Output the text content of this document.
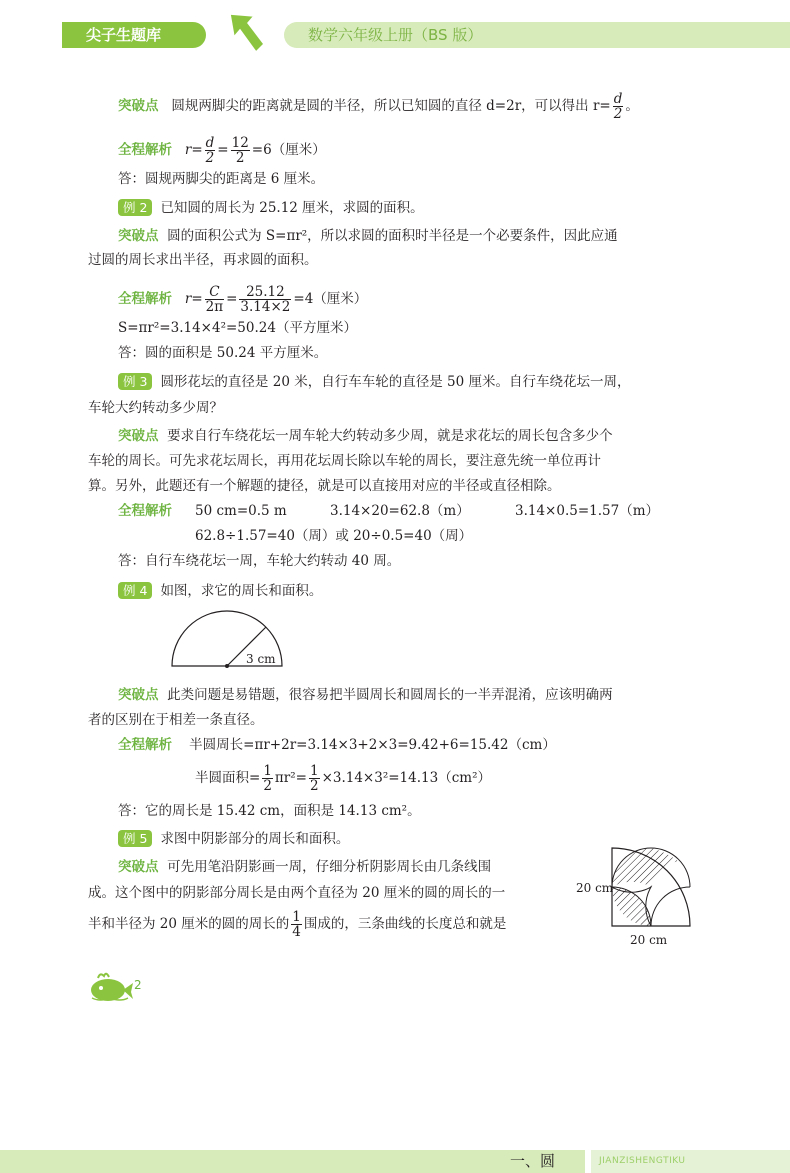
尖子生题库	数学六年级上册（BS 版）
突破点 圆规两脚尖的距离就是圆的半径，所以已知圆的直径 d=2r，可以得出 $r= \frac{d}{2}$ 。
全程解析 $r= \frac{d}{2} = \frac{12}{2} =6$（厘米）
答：圆规两脚尖的距离是 6 厘米。
例 2 已知圆的周长为 25.12 厘米，求圆的面积。
突破点 圆的面积公式为 S=πr²，所以求圆的面积时半径是一个必要条件，因此应通
过圆的周长求出半径，再求圆的面积。
全程解析 $r= \frac{C}{2\pi} = \frac{25.12}{3.14\times 2} =4$（厘米）
S=πr²=3.14×4²=50.24（平方厘米）
答：圆的面积是 50.24 平方厘米。
例 3 圆形花坛的直径是 20 米，自行车车轮的直径是 50 厘米。自行车绕花坛一周，
车轮大约转动多少周？
突破点 要求自行车绕花坛一周车轮大约转动多少周，就是求花坛的周长包含多少个
车轮的周长。可先求花坛周长，再用花坛周长除以车轮的周长，要注意先统一单位再计
算。另外，此题还有一个解题的捷径，就是可以直接用对应的半径或直径相除。
全程解析 50 cm=0.5 m	3.14×20=62.8（m）	3.14×0.5=1.57（m）
62.8÷1.57=40（周）或 20÷0.5=40（周）
答：自行车绕花坛一周，车轮大约转动 40 周。
例 4 如图，求它的周长和面积。
3 cm
突破点 此类问题是易错题，很容易把半圆周长和圆周长的一半弄混淆，应该明确两
者的区别在于相差一条直径。
全程解析 半圆周长=πr+2r=3.14×3+2×3=9.42+6=15.42（cm）
半圆面积= $\frac{1}{2} \pi r^2= \frac{1}{2} \times 3.14\times 3^2=14.13(cm^2)$
答：它的周长是 15.42 cm，面积是 14.13 cm²。
例 5 求图中阴影部分的周长和面积。
突破点 可先用笔沿阴影画一周，仔细分析阴影周长由几条线围
成。这个图中的阴影部分周长是由两个直径为 20 厘米的圆的周长的一
半和半径为 20 厘米的圆的周长的 $\frac{1}{4}$ 围成的，三条曲线的长度总和就是
20 cm
20 cm
2
一、圆	JIANZISHENGTIKU
